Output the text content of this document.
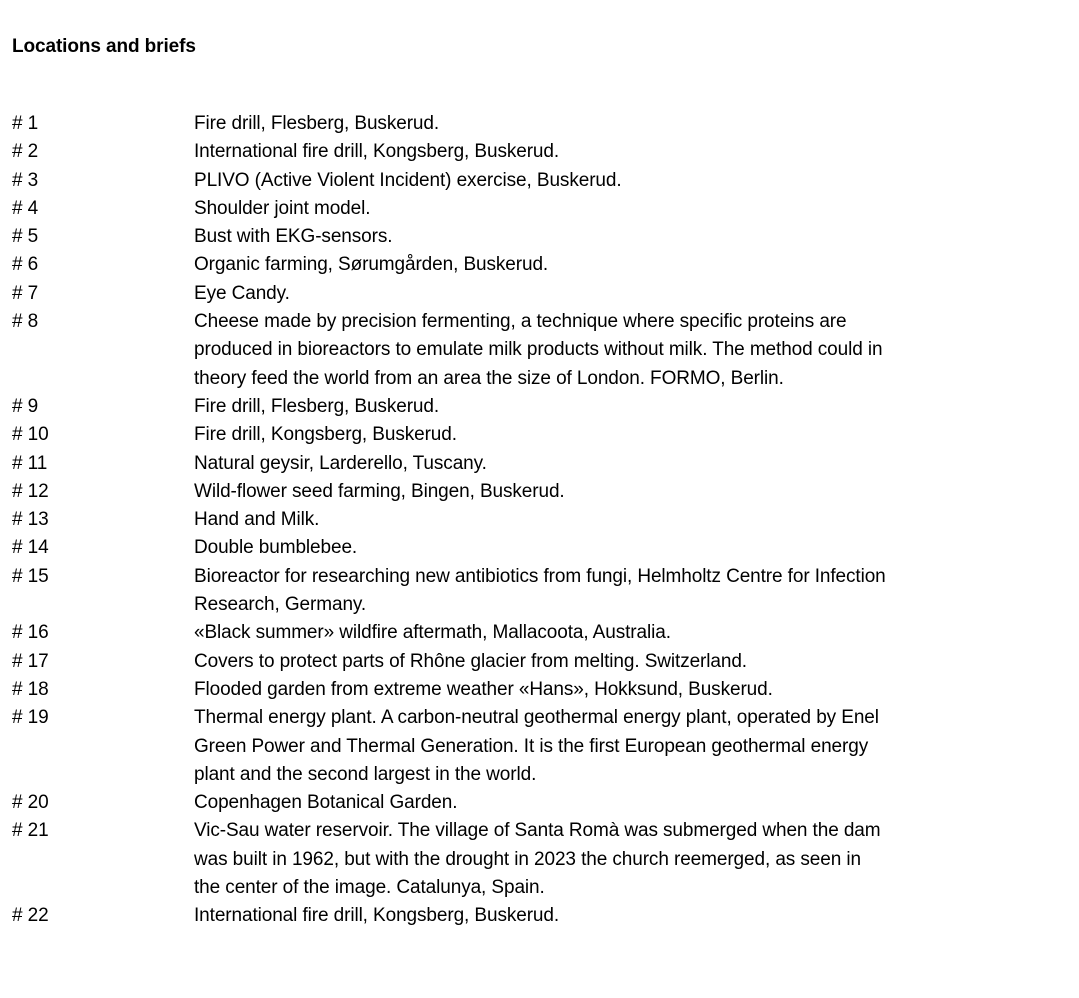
Locations and briefs
# 1	Fire drill, Flesberg, Buskerud.
# 2	International fire drill, Kongsberg, Buskerud.
# 3	PLIVO (Active Violent Incident) exercise, Buskerud.
# 4	Shoulder joint model.
# 5	Bust with EKG-sensors.
# 6	Organic farming, Sørumgården, Buskerud.
# 7	Eye Candy.
# 8	Cheese made by precision fermenting, a technique where specific proteins are produced in bioreactors to emulate milk products without milk. The method could in theory feed the world from an area the size of London. FORMO, Berlin.
# 9	Fire drill, Flesberg, Buskerud.
# 10	Fire drill, Kongsberg, Buskerud.
# 11	Natural geysir, Larderello, Tuscany.
# 12	Wild-flower seed farming, Bingen, Buskerud.
# 13	Hand and Milk.
# 14	Double bumblebee.
# 15	Bioreactor for researching new antibiotics from fungi, Helmholtz Centre for Infection Research, Germany.
# 16	«Black summer» wildfire aftermath, Mallacoota, Australia.
# 17	Covers to protect parts of Rhône glacier from melting. Switzerland.
# 18	Flooded garden from extreme weather «Hans», Hokksund, Buskerud.
# 19	Thermal energy plant. A carbon-neutral geothermal energy plant, operated by Enel Green Power and Thermal Generation. It is the first European geothermal energy plant and the second largest in the world.
# 20	Copenhagen Botanical Garden.
# 21	Vic-Sau water reservoir. The village of Santa Romà was submerged when the dam was built in 1962, but with the drought in 2023 the church reemerged, as seen in the center of the image. Catalunya, Spain.
# 22	International fire drill, Kongsberg, Buskerud.
